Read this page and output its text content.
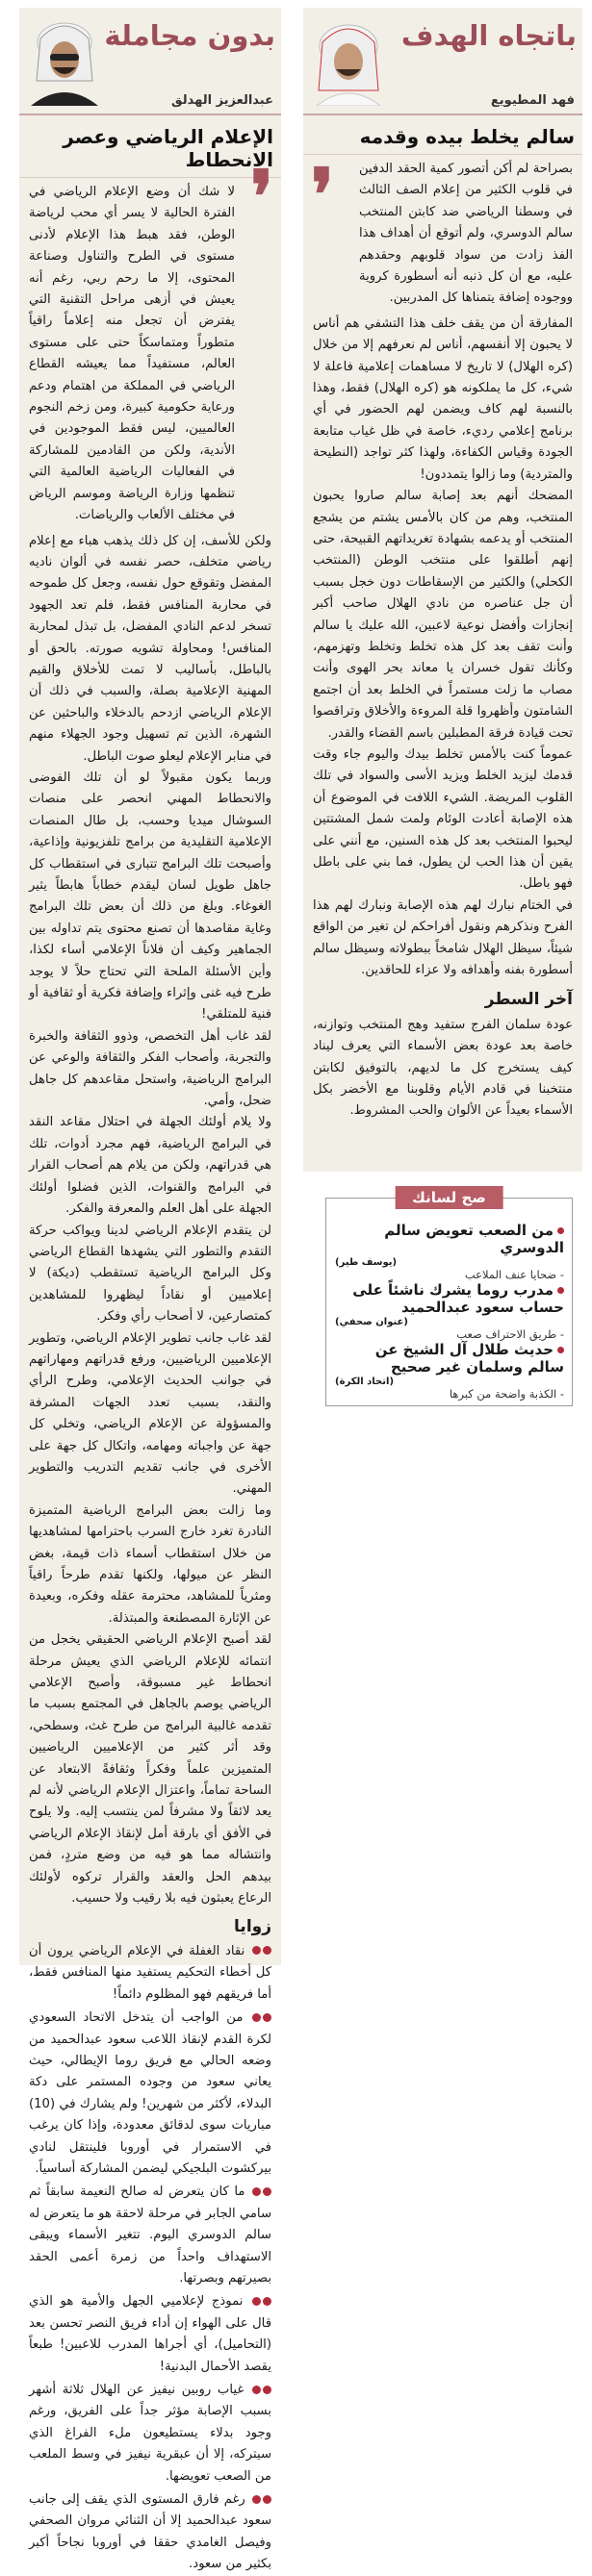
باتجاه الهدف
فهد المطيويع
سالم يخلط بيده وقدمه
❜ بصراحة لم أكن أتصور كمية الحقد الدفين في قلوب الكثير من إعلام الصف الثالث في وسطنا الرياضي ضد كابتن المنتخب سالم الدوسري، ولم أتوقع أن أهداف هذا الفذ زادت من سواد قلوبهم وحقدهم عليه، مع أن كل ذنبه أنه أسطورة كروية ووجوده إضافة يتمناها كل المدربين.

المفارقة أن من يقف خلف هذا التشفي هم أناس لا يحبون إلا أنفسهم، أناس لم نعرفهم إلا من خلال (كره الهلال) لا تاريخ لا مساهمات إعلامية فاعلة لا شيء، كل ما يملكونه هو (كره الهلال) فقط، وهذا بالنسبة لهم كاف ويضمن لهم الحضور في أي برنامج إعلامي رديء، خاصة في ظل غياب متابعة الجودة وقياس الكفاءة، ولهذا كثر تواجد (النطيحة والمتردية) وما زالوا يتمددون!

المضحك أنهم بعد إصابة سالم صاروا يحبون المنتخب، وهم من كان بالأمس يشتم من يشجع المنتخب أو يدعمه بشهادة تغريداتهم القبيحة، حتى إنهم أطلقوا على منتخب الوطن (المنتخب الكحلي) والكثير من الإسقاطات دون خجل بسبب أن جل عناصره من نادي الهلال صاحب أكبر إنجازات وأفضل نوعية لاعبين، الله عليك يا سالم وأنت تقف بعد كل هذه تخلط وتخلط وتهزمهم، وكأنك تقول خسران يا معاند بحر الهوى وأنت مصاب ما زلت مستمراً في الخلط بعد أن اجتمع الشامتون وأظهروا قلة المروءة والأخلاق وتراقصوا تحت قيادة فرقة المطبلين باسم القضاء والقدر.

عموماً كنت بالأمس تخلط بيدك واليوم جاء وقت قدمك ليزيد الخلط ويزيد الأسى والسواد في تلك القلوب المريضة. الشيء اللافت في الموضوع أن هذه الإصابة أعادت الوئام ولمت شمل المشتتين ليحبوا المنتخب بعد كل هذه السنين، مع أنني على يقين أن هذا الحب لن يطول، فما بني على باطل فهو باطل.

في الختام نبارك لهم هذه الإصابة ونبارك لهم هذا الفرح ونذكرهم ونقول أفراحكم لن تغير من الواقع شيئاً، سيظل الهلال شامخاً ببطولاته وسيظل سالم أسطورة بفنه وأهدافه ولا عزاء للحاقدين.

آخر السطر

عودة سلمان الفرج ستفيد وهج المنتخب وتوازنه، خاصة بعد عودة بعض الأسماء التي يعرف ليناد كيف يستخرج كل ما لديهم، بالتوفيق لكابتن منتخبنا في قادم الأيام وقلوبنا مع الأخضر بكل الأسماء بعيداً عن الألوان والحب المشروط.

صح لسانك
من الصعب تعويض سالم الدوسري
(يوسف طير)
- ضحايا عنف الملاعب
مدرب روما يشرك ناشئاً على حساب سعود عبدالحميد
(عنوان صحفي)
- طريق الاحتراف صعب
حديث طلال آل الشيخ عن سالم وسلمان غير صحيح
(اتحاد الكرة)
- الكذبة واضحة من كبرها
بدون مجاملة
عبدالعزيز الهدلق
الإعلام الرياضي وعصر الانحطاط
❜

لا شك أن وضع الإعلام الرياضي في الفترة الحالية لا يسر أي محب لرياضة الوطن، فقد هبط هذا الإعلام لأدنى مستوى في الطرح والتناول وصناعة المحتوى، إلا ما رحم ربي، رغم أنه يعيش في أزهى مراحل التقنية التي يفترض أن تجعل منه إعلاماً راقياً متطوراً ومتماسكاً حتى على مستوى العالم، مستفيداً مما يعيشه القطاع الرياضي في المملكة من اهتمام ودعم ورعاية حكومية كبيرة، ومن زخم النجوم العالميين، ليس فقط الموجودين في الأندية، ولكن من القادمين للمشاركة في الفعاليات الرياضية العالمية التي تنظمها وزارة الرياضة وموسم الرياض في مختلف الألعاب والرياضات.

ولكن للأسف، إن كل ذلك يذهب هباء مع إعلام رياضي متخلف، حصر نفسه في ألوان ناديه المفضل وتقوقع حول نفسه، وجعل كل طموحه في محاربة المنافس فقط، فلم تعد الجهود تسخر لدعم النادي المفضل، بل تبذل لمحاربة المنافس! ومحاولة تشويه صورته. بالحق أو بالباطل، بأساليب لا تمت للأخلاق والقيم المهنية الإعلامية بصلة، والسبب في ذلك أن الإعلام الرياضي ازدحم بالدخلاء والباحثين عن الشهرة، الذين تم تسهيل وجود الجهلاء منهم في منابر الإعلام ليعلو صوت الباطل.

وربما يكون مقبولاً لو أن تلك الفوضى والانحطاط المهني انحصر على منصات السوشال ميديا وحسب، بل طال المنصات الإعلامية التقليدية من برامج تلفزيونية وإذاعية، وأصبحت تلك البرامج تتبارى في استقطاب كل جاهل طويل لسان ليقدم خطاباً هابطاً يثير الغوغاء. وبلغ من ذلك أن بعض تلك البرامج وغاية مقاصدها أن تصنع محتوى يتم تداوله بين الجماهير وكيف أن فلاناً الإعلامي أساء لكذا، وأين الأسئلة الملحة التي تحتاج حلاً لا يوجد طرح فيه غنى وإثراء وإضافة فكرية أو ثقافية أو فنية للمتلقي!

لقد غاب أهل التخصص، وذوو الثقافة والخبرة والتجربة، وأصحاب الفكر والثقافة والوعي عن البرامج الرياضية، واستحل مقاعدهم كل جاهل ضحل، وأمي.

ولا يلام أولئك الجهلة في احتلال مقاعد النقد في البرامج الرياضية، فهم مجرد أدوات، تلك هي قدراتهم، ولكن من يلام هم أصحاب القرار في البرامج والقنوات، الذين فضلوا أولئك الجهلة على أهل العلم والمعرفة والفكر.

لن يتقدم الإعلام الرياضي لدينا ويواكب حركة التقدم والتطور التي يشهدها القطاع الرياضي وكل البرامج الرياضية تستقطب (ديكة) لا إعلاميين أو نقاداً ليظهروا للمشاهدين كمتصارعين، لا أصحاب رأي وفكر.

لقد غاب جانب تطوير الإعلام الرياضي، وتطوير الإعلاميين الرياضيين، ورفع قدراتهم ومهاراتهم في جوانب الحديث الإعلامي، وطرح الرأي والنقد، بسبب تعدد الجهات المشرفة والمسؤولة عن الإعلام الرياضي، وتخلي كل جهة عن واجباته ومهامه، واتكال كل جهة على الأخرى في جانب تقديم التدريب والتطوير المهني.

وما زالت بعض البرامج الرياضية المتميزة النادرة تغرد خارج السرب باحترامها لمشاهديها من خلال استقطاب أسماء ذات قيمة، بغض النظر عن ميولها، ولكنها تقدم طرحاً راقياً ومثرياً للمشاهد، محترمة عقله وفكره، وبعيدة عن الإثارة المصطنعة والمبتذلة.

لقد أصبح الإعلام الرياضي الحقيقي يخجل من انتمائه للإعلام الرياضي الذي يعيش مرحلة انحطاط غير مسبوقة، وأصبح الإعلامي الرياضي يوصم بالجاهل في المجتمع بسبب ما تقدمه غالبية البرامج من طرح غث، وسطحي، وقد أثر كثير من الإعلاميين الرياضيين المتميزين علماً وفكراً وثقافةً الابتعاد عن الساحة تماماً، واعتزال الإعلام الرياضي لأنه لم يعد لائقاً ولا مشرفاً لمن ينتسب إليه. ولا يلوح في الأفق أي بارقة أمل لإنقاذ الإعلام الرياضي وانتشاله مما هو فيه من وضع متردٍ، فمن بيدهم الحل والعقد والقرار تركوه لأولئك الرعاع يعبثون فيه بلا رقيب ولا حسيب.

زوايا

نقاد الغفلة في الإعلام الرياضي يرون أن كل أخطاء التحكيم يستفيد منها المنافس فقط، أما فريقهم فهو المظلوم دائماً!

من الواجب أن يتدخل الاتحاد السعودي لكرة القدم لإنقاذ اللاعب سعود عبدالحميد من وضعه الحالي مع فريق روما الإيطالي، حيث يعاني سعود من وجوده المستمر على دكة البدلاء، لأكثر من شهرين! ولم يشارك في (10) مباريات سوى لدقائق معدودة، وإذا كان يرغب في الاستمرار في أوروبا فلينتقل لنادي بيركشوت البلجيكي ليضمن المشاركة أساسياً.

ما كان يتعرض له صالح النعيمة سابقاً ثم سامي الجابر في مرحلة لاحقة هو ما يتعرض له سالم الدوسري اليوم. تتغير الأسماء ويبقى الاستهداف واحداً من زمرة أعمى الحقد بصيرتهم وبصرتها.

نموذج لإعلاميي الجهل والأمية هو الذي قال على الهواء إن أداء فريق النصر تحسن بعد (التحاميل)، أي أجراها المدرب للاعبين! طبعاً يقصد الأحمال البدنية!

غياب روبين نيفيز عن الهلال ثلاثة أشهر بسبب الإصابة مؤثر جداً على الفريق، ورغم وجود بدلاء يستطيعون ملء الفراغ الذي سيتركه، إلا أن عبقرية نيفيز في وسط الملعب من الصعب تعويضها.

رغم فارق المستوى الذي يقف إلى جانب سعود عبدالحميد إلا أن الثنائي مروان الصحفي وفيصل الغامدي حققا في أوروبا نجاحاً أكبر بكثير من سعود.
